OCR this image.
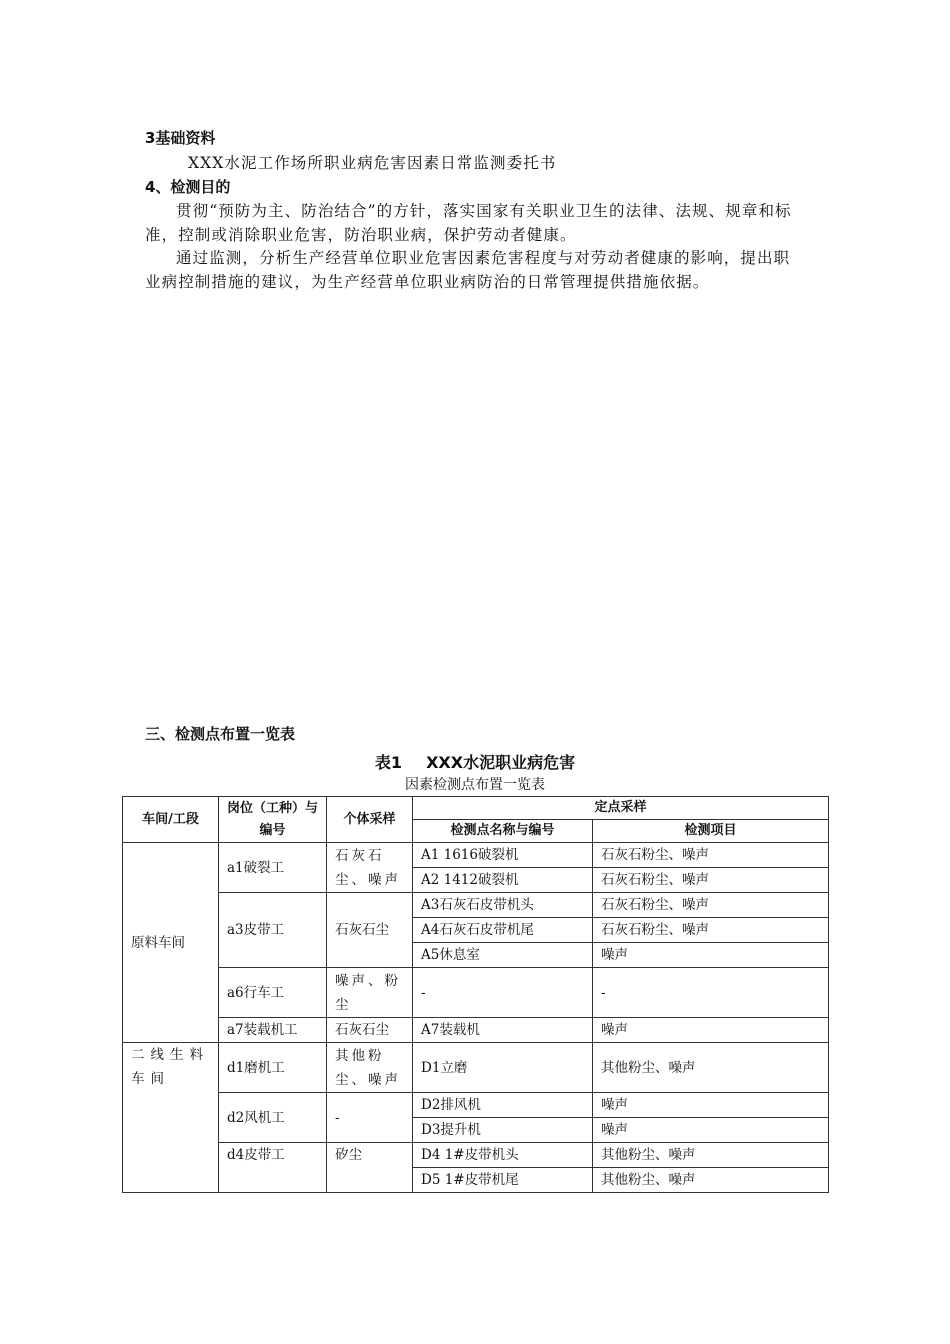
3基础资料
XXX水泥工作场所职业病危害因素日常监测委托书
4、检测目的

贯彻“预防为主、防治结合”的方针，落实国家有关职业卫生的法律、法规、规章和标准，控制或消除职业危害，防治职业病，保护劳动者健康。

通过监测，分析生产经营单位职业危害因素危害程度与对劳动者健康的影响，提出职业病控制措施的建议，为生产经营单位职业病防治的日常管理提供措施依据。

三、检测点布置一览表
表1 XXX水泥职业病危害
因素检测点布置一览表
车间/工段	岗位（工种）与编号	个体采样	定点采样	
			检测点名称与编号	检测项目
原料车间	a1破裂工	石灰石尘、噪声	A1 1616破裂机	石灰石粉尘、噪声
			A2 1412破裂机	石灰石粉尘、噪声
	a3皮带工	石灰石尘	A3石灰石皮带机头	石灰石粉尘、噪声
			A4石灰石皮带机尾	石灰石粉尘、噪声
			A5休息室	噪声
	a6行车工	噪声、粉尘	-	-
	a7装载机工	石灰石尘	A7装载机	噪声
二线生料车间	d1磨机工	其他粉尘、噪声	D1立磨	其他粉尘、噪声
	d2风机工	-	D2排风机	噪声
			D3提升机	噪声
	d4皮带工	矽尘	D4 1#皮带机头	其他粉尘、噪声
			D5 1#皮带机尾	其他粉尘、噪声
